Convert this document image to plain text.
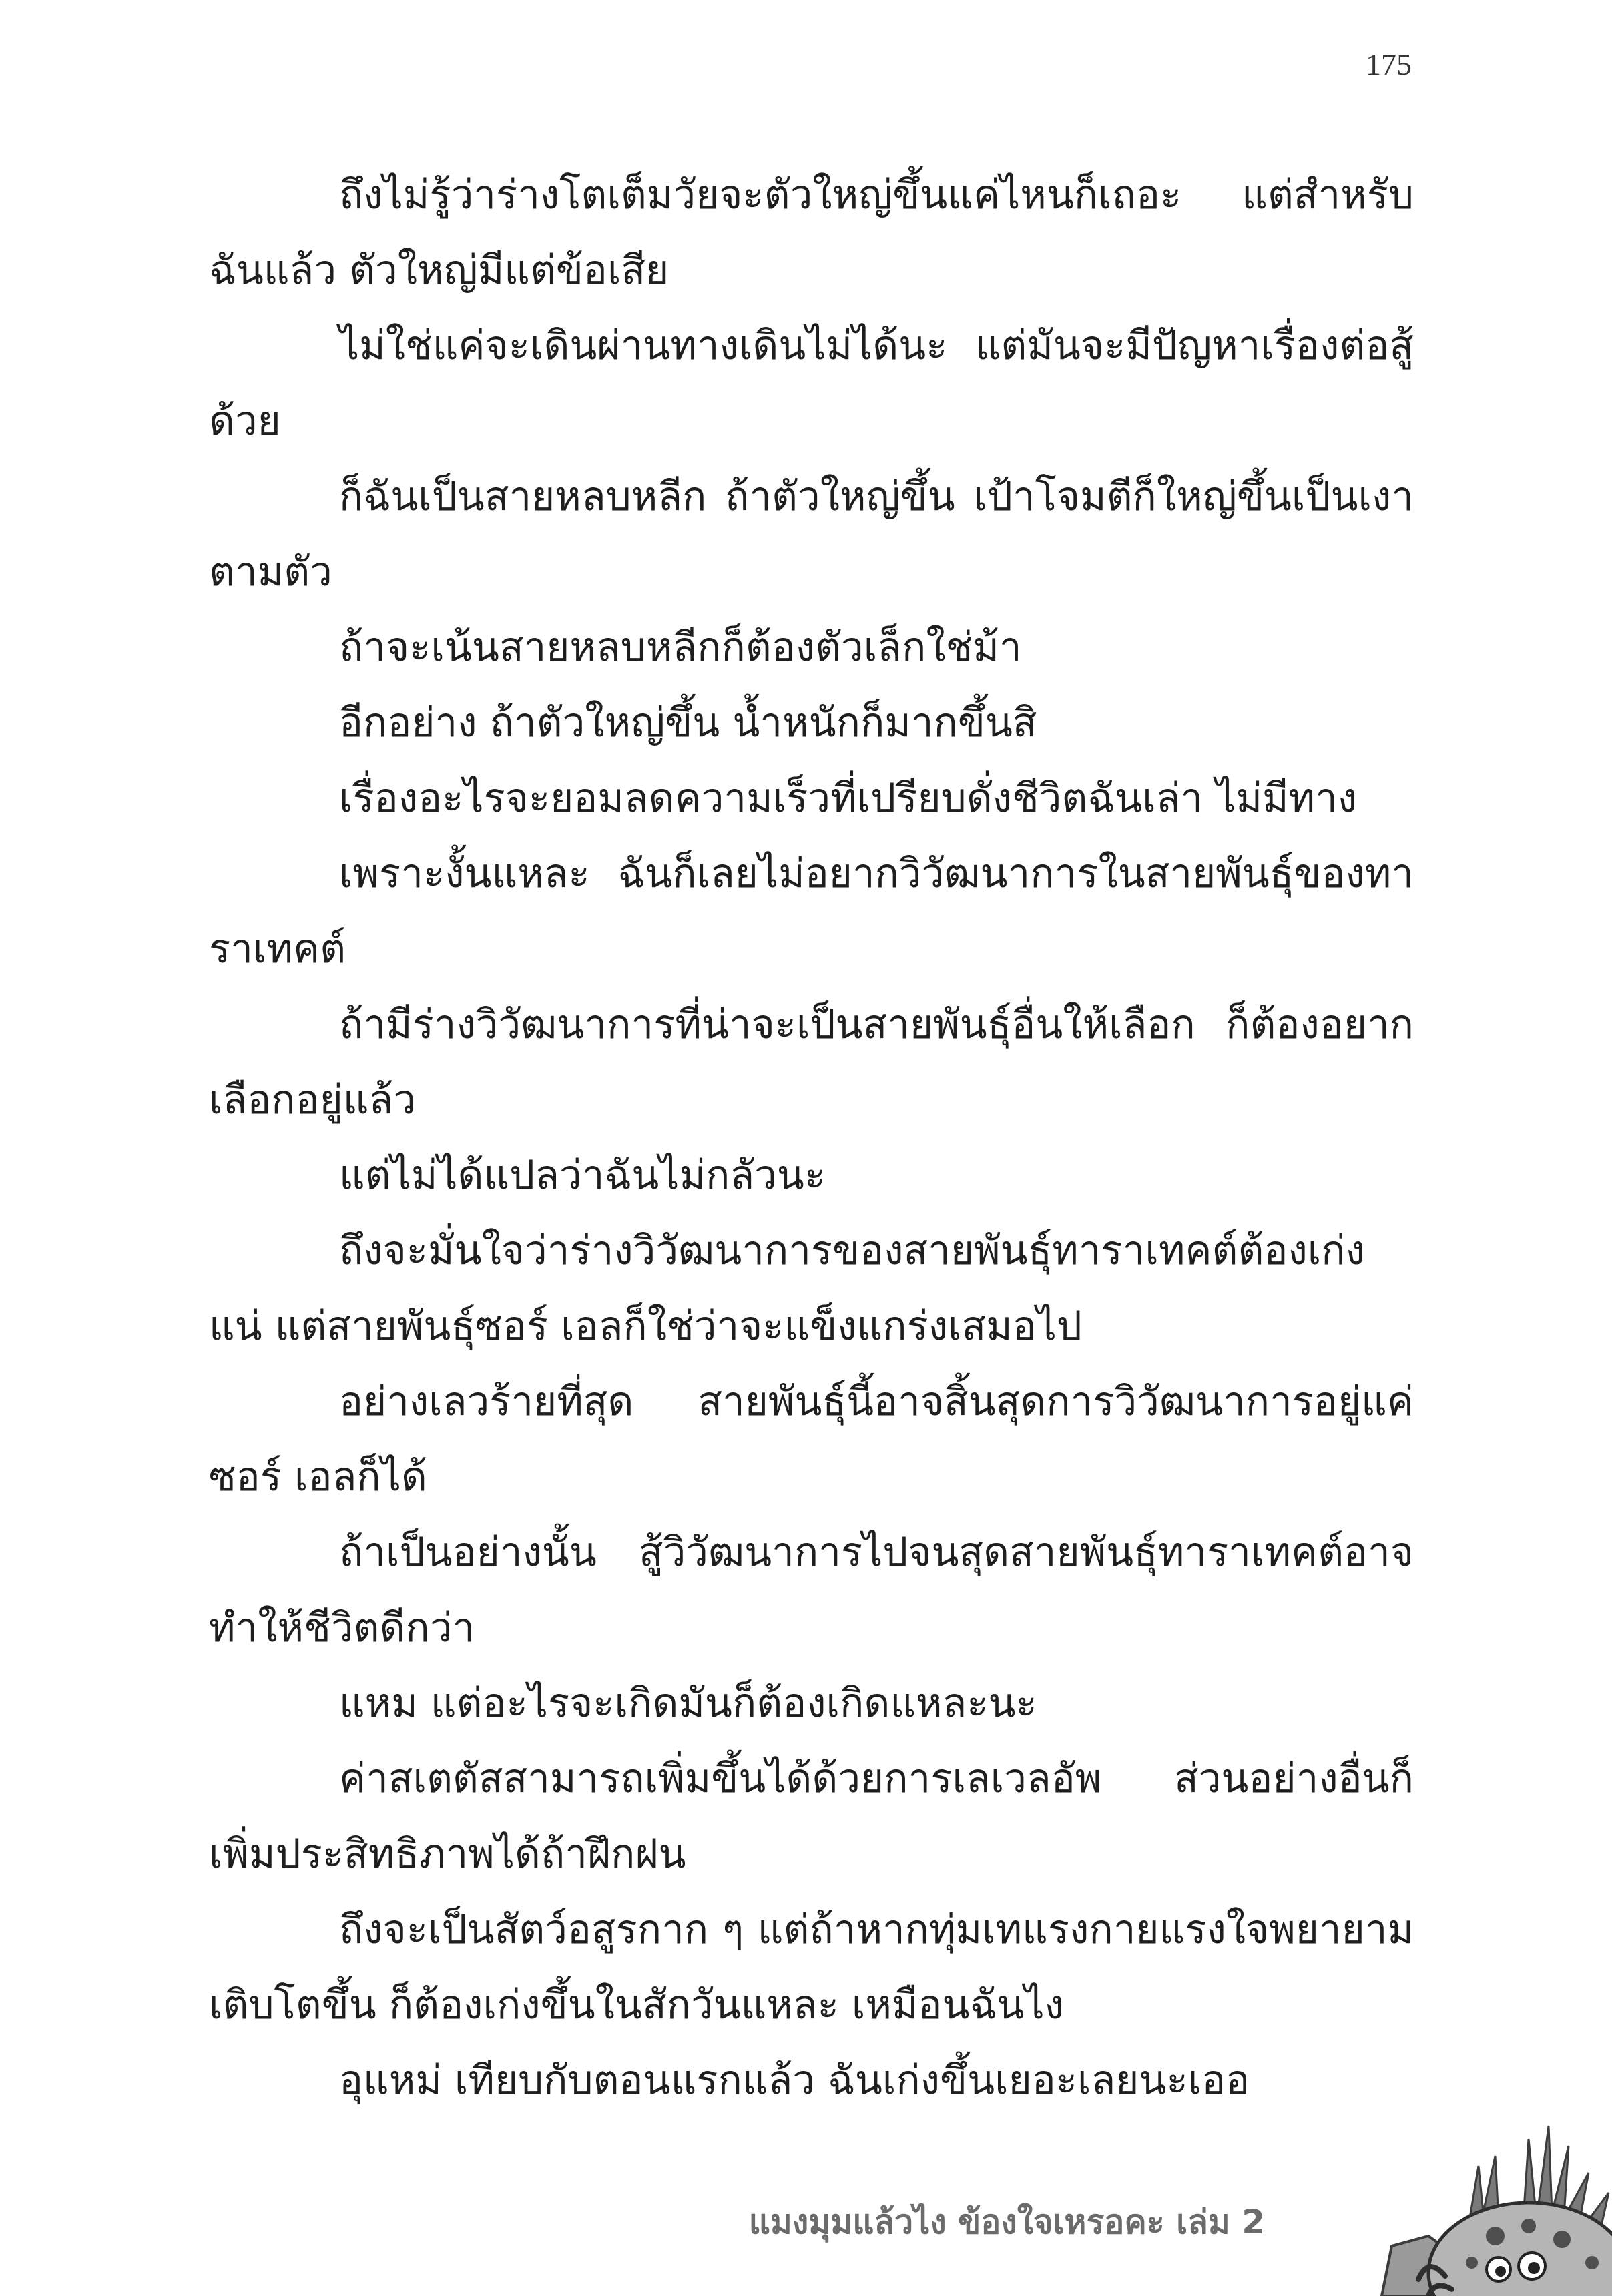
175

ถึงไม่รู้ว่าร่างโตเต็มวัยจะตัวใหญ่ขึ้นแค่ไหนก็เถอะ แต่สำหรับฉันแล้ว ตัวใหญ่มีแต่ข้อเสีย

ไม่ใช่แค่จะเดินผ่านทางเดินไม่ได้นะ แต่มันจะมีปัญหาเรื่องต่อสู้ด้วย

ก็ฉันเป็นสายหลบหลีก ถ้าตัวใหญ่ขึ้น เป้าโจมตีก็ใหญ่ขึ้นเป็นเงาตามตัว

ถ้าจะเน้นสายหลบหลีกก็ต้องตัวเล็กใช่ม้า

อีกอย่าง ถ้าตัวใหญ่ขึ้น น้ำหนักก็มากขึ้นสิ

เรื่องอะไรจะยอมลดความเร็วที่เปรียบดั่งชีวิตฉันเล่า ไม่มีทาง

เพราะงั้นแหละ ฉันก็เลยไม่อยากวิวัฒนาการในสายพันธุ์ของทาราเทคต์

ถ้ามีร่างวิวัฒนาการที่น่าจะเป็นสายพันธุ์อื่นให้เลือก ก็ต้องอยากเลือกอยู่แล้ว

แต่ไม่ได้แปลว่าฉันไม่กลัวนะ

ถึงจะมั่นใจว่าร่างวิวัฒนาการของสายพันธุ์ทาราเทคต์ต้องเก่งแน่ แต่สายพันธุ์ซอร์ เอลก็ใช่ว่าจะแข็งแกร่งเสมอไป

อย่างเลวร้ายที่สุด สายพันธุ์นี้อาจสิ้นสุดการวิวัฒนาการอยู่แค่ซอร์ เอลก็ได้

ถ้าเป็นอย่างนั้น สู้วิวัฒนาการไปจนสุดสายพันธุ์ทาราเทคต์อาจทำให้ชีวิตดีกว่า

แหม แต่อะไรจะเกิดมันก็ต้องเกิดแหละนะ

ค่าสเตตัสสามารถเพิ่มขึ้นได้ด้วยการเลเวลอัพ ส่วนอย่างอื่นก็เพิ่มประสิทธิภาพได้ถ้าฝึกฝน

ถึงจะเป็นสัตว์อสูรกาก ๆ แต่ถ้าหากทุ่มเทแรงกายแรงใจพยายามเติบโตขึ้น ก็ต้องเก่งขึ้นในสักวันแหละ เหมือนฉันไง

อุแหม่ เทียบกับตอนแรกแล้ว ฉันเก่งขึ้นเยอะเลยนะเออ

แมงมุมแล้วไง ข้องใจเหรอคะ เล่ม 2
